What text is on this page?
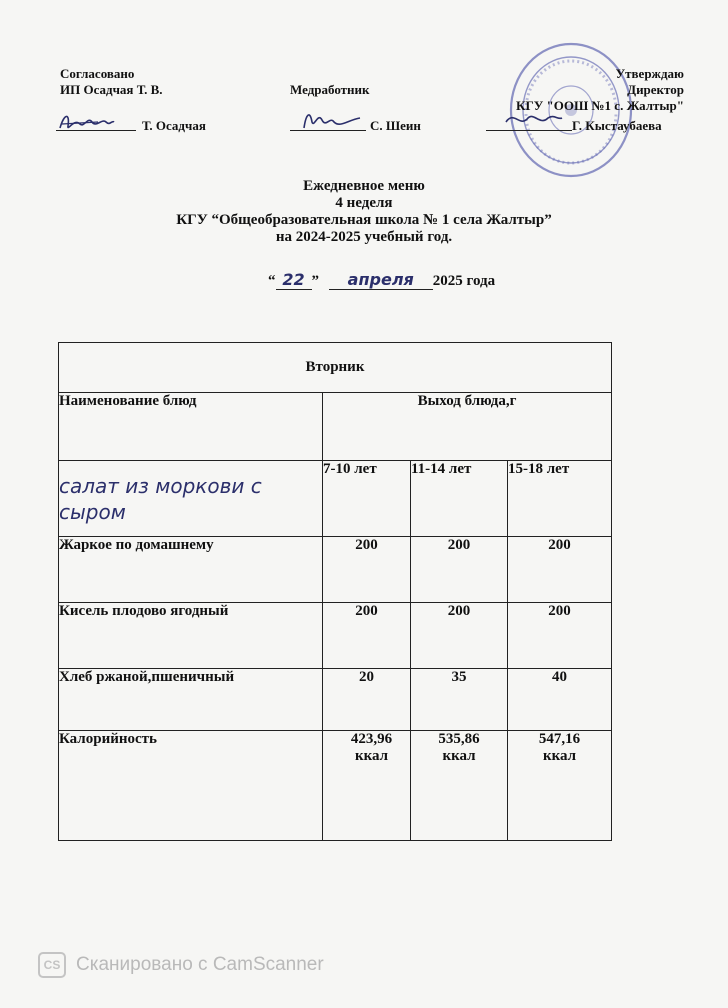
Согласовано
ИП Осадчая Т. В.
Т. Осадчая
Медработник
С. Шеин
Утверждаю
Директор
КГУ "ООШ №1 с. Жалтыр"
Г. Кыстаубаева
Ежедневное меню
4 неделя
КГУ “Общеобразовательная школа № 1 села Жалтыр”
на 2024-2025 учебный год.
“ 22 ” апреля 2025 года
Вторник			
Наименование блюд	Выход блюда,г		
салат из моркови с сыром	7-10 лет	11-14 лет	15-18 лет
Жаркое по домашнему	200	200	200
Кисель плодово ягодный	200	200	200
Хлеб ржаной,пшеничный	20	35	40
Калорийность	423,96 ккал	535,86 ккал	547,16 ккал
CS Сканировано с CamScanner
